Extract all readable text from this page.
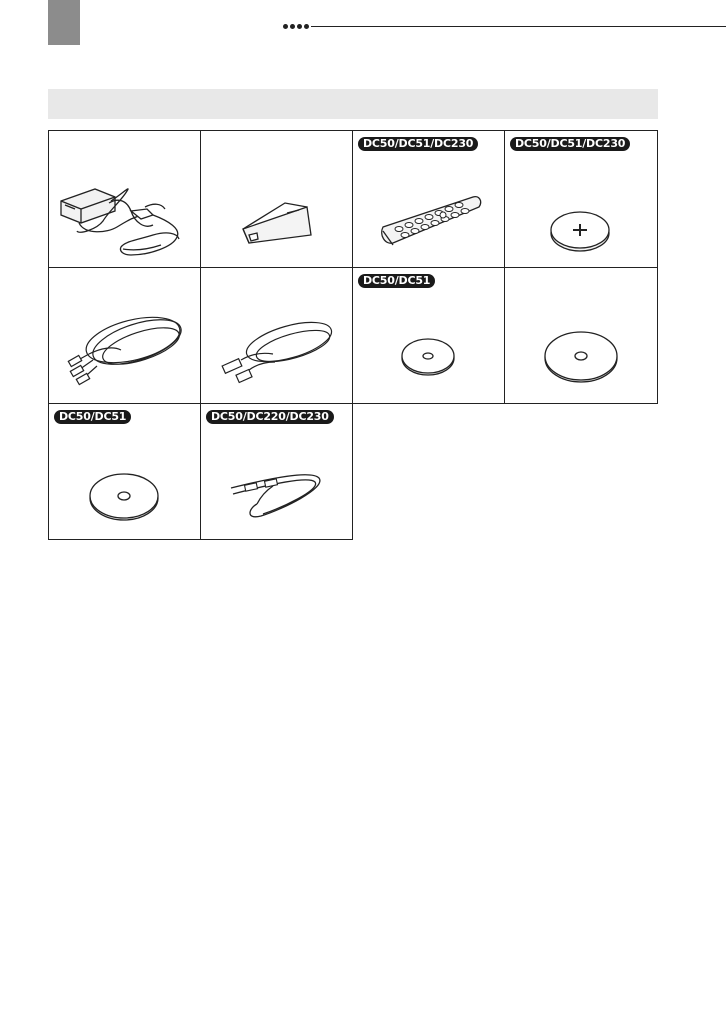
DC50/DC51/DC230	DC50/DC51/DC230
DC50/DC51
DC50/DC51	DC50/DC220/DC230
